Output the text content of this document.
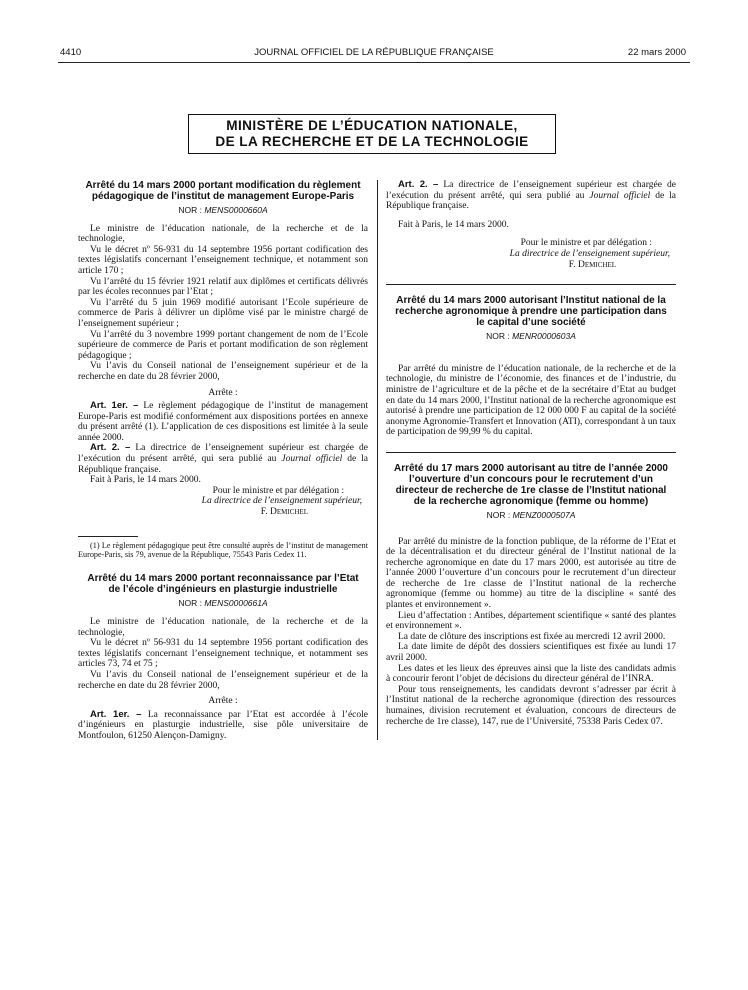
4410	JOURNAL OFFICIEL DE LA RÉPUBLIQUE FRANÇAISE	22 mars 2000
MINISTÈRE DE L’ÉDUCATION NATIONALE,
DE LA RECHERCHE ET DE LA TECHNOLOGIE
Arrêté du 14 mars 2000 portant modification du règlement pédagogique de l’institut de management Europe-Paris
NOR : MENS0000660A

Le ministre de l’éducation nationale, de la recherche et de la technologie,

Vu le décret nº 56-931 du 14 septembre 1956 portant codification des textes législatifs concernant l’enseignement technique, et notamment son article 170 ;

Vu l’arrêté du 15 février 1921 relatif aux diplômes et certificats délivrés par les écoles reconnues par l’Etat ;

Vu l’arrêté du 5 juin 1969 modifié autorisant l’Ecole supérieure de commerce de Paris à délivrer un diplôme visé par le ministre chargé de l’enseignement supérieur ;

Vu l’arrêté du 3 novembre 1999 portant changement de nom de l’Ecole supérieure de commerce de Paris et portant modification de son règlement pédagogique ;

Vu l’avis du Conseil national de l’enseignement supérieur et de la recherche en date du 28 février 2000,

Arrête :

Art. 1er. – Le règlement pédagogique de l’institut de management Europe-Paris est modifié conformément aux dispositions portées en annexe du présent arrêté (1). L’application de ces dispositions est limitée à la seule année 2000.

Art. 2. – La directrice de l’enseignement supérieur est chargée de l’exécution du présent arrêté, qui sera publié au Journal officiel de la République française.

Fait à Paris, le 14 mars 2000.

Pour le ministre et par délégation :

La directrice de l’enseignement supérieur,

F. Demichel

(1) Le règlement pédagogique peut être consulté auprès de l’institut de management Europe-Paris, sis 79, avenue de la République, 75543 Paris Cedex 11.

Arrêté du 14 mars 2000 portant reconnaissance par l’Etat de l’école d’ingénieurs en plasturgie industrielle
NOR : MENS0000661A

Le ministre de l’éducation nationale, de la recherche et de la technologie,

Vu le décret nº 56-931 du 14 septembre 1956 portant codification des textes législatifs concernant l’enseignement technique, et notamment ses articles 73, 74 et 75 ;

Vu l’avis du Conseil national de l’enseignement supérieur et de la recherche en date du 28 février 2000,

Arrête :

Art. 1er. – La reconnaissance par l’Etat est accordée à l’école d’ingénieurs en plasturgie industrielle, sise pôle universitaire de Montfoulon, 61250 Alençon-Damigny.

Art. 2. – La directrice de l’enseignement supérieur est chargée de l’exécution du présent arrêté, qui sera publié au Journal officiel de la République française.

Fait à Paris, le 14 mars 2000.

Pour le ministre et par délégation :

La directrice de l’enseignement supérieur,

F. Demichel

Arrêté du 14 mars 2000 autorisant l’Institut national de la recherche agronomique à prendre une participation dans le capital d’une société
NOR : MENR0000603A

Par arrêté du ministre de l’éducation nationale, de la recherche et de la technologie, du ministre de l’économie, des finances et de l’industrie, du ministre de l’agriculture et de la pêche et de la secrétaire d’Etat au budget en date du 14 mars 2000, l’Institut national de la recherche agronomique est autorisé à prendre une participation de 12 000 000 F au capital de la société anonyme Agronomie-Transfert et Innovation (ATI), correspondant à un taux de participation de 99,99 % du capital.

Arrêté du 17 mars 2000 autorisant au titre de l’année 2000 l’ouverture d’un concours pour le recrutement d’un directeur de recherche de 1re classe de l’Institut national de la recherche agronomique (femme ou homme)
NOR : MENZ0000507A

Par arrêté du ministre de la fonction publique, de la réforme de l’Etat et de la décentralisation et du directeur général de l’Institut national de la recherche agronomique en date du 17 mars 2000, est autorisée au titre de l’année 2000 l’ouverture d’un concours pour le recrutement d’un directeur de recherche de 1re classe de l’Institut national de la recherche agronomique (femme ou homme) au titre de la discipline « santé des plantes et environnement ».

Lieu d’affectation : Antibes, département scientifique « santé des plantes et environnement ».

La date de clôture des inscriptions est fixée au mercredi 12 avril 2000.

La date limite de dépôt des dossiers scientifiques est fixée au lundi 17 avril 2000.

Les dates et les lieux des épreuves ainsi que la liste des candidats admis à concourir feront l’objet de décisions du directeur général de l’INRA.

Pour tous renseignements, les candidats devront s’adresser par écrit à l’Institut national de la recherche agronomique (direction des ressources humaines, division recrutement et évaluation, concours de directeurs de recherche de 1re classe), 147, rue de l’Université, 75338 Paris Cedex 07.
